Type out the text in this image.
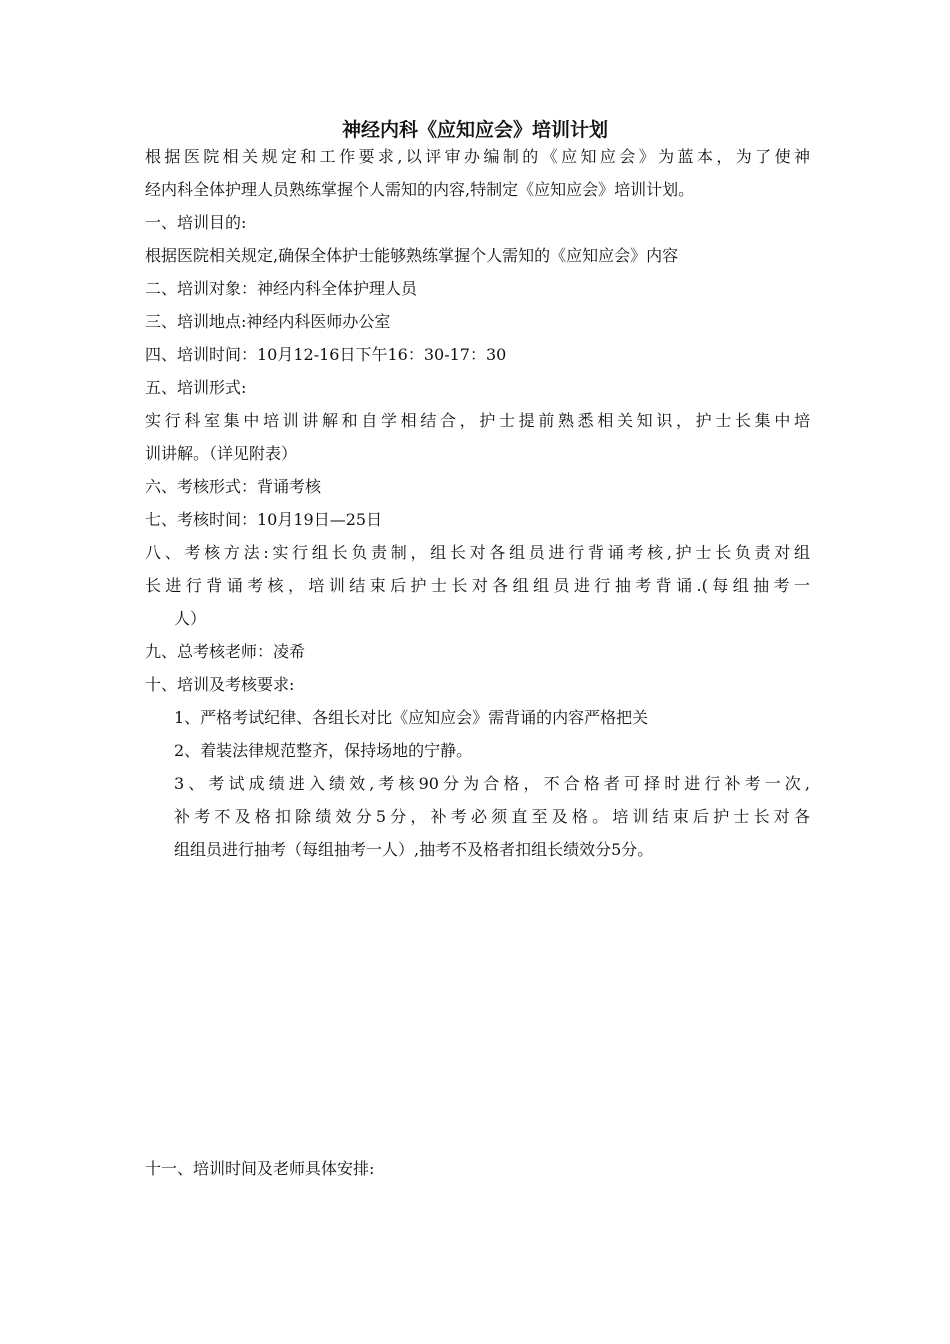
神经内科《应知应会》培训计划
根据医院相关规定和工作要求,以评审办编制的《应知应会》为蓝本，为了使神
经内科全体护理人员熟练掌握个人需知的内容,特制定《应知应会》培训计划。
一、培训目的:
根据医院相关规定,确保全体护士能够熟练掌握个人需知的《应知应会》内容
二、培训对象：神经内科全体护理人员
三、培训地点:神经内科医师办公室
四、培训时间：10月12-16日下午16：30-17：30
五、培训形式:
实行科室集中培训讲解和自学相结合，护士提前熟悉相关知识，护士长集中培
训讲解。（详见附表）
六、考核形式：背诵考核
七、考核时间：10月19日—25日
八、考核方法:实行组长负责制，组长对各组员进行背诵考核,护士长负责对组
长进行背诵考核，培训结束后护士长对各组组员进行抽考背诵.(每组抽考一
人）
九、总考核老师：凌希
十、培训及考核要求:
1、严格考试纪律、各组长对比《应知应会》需背诵的内容严格把关
2、着装法律规范整齐，保持场地的宁静。
3、考试成绩进入绩效,考核90分为合格，不合格者可择时进行补考一次,
补考不及格扣除绩效分5分，补考必须直至及格。培训结束后护士长对各
组组员进行抽考（每组抽考一人）,抽考不及格者扣组长绩效分5分。
十一、培训时间及老师具体安排:
